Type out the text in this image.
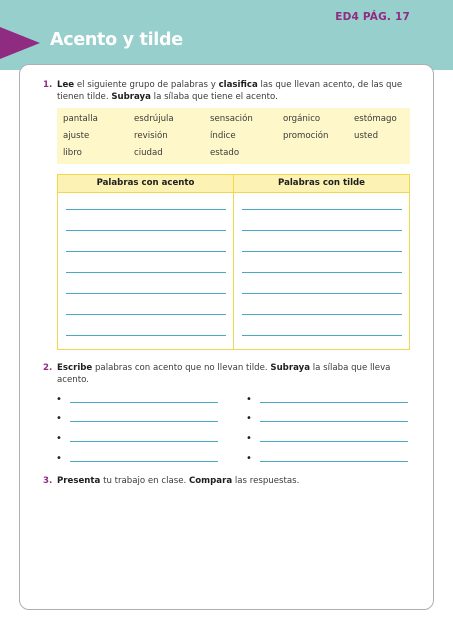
ED4 PÁG. 17
Acento y tilde
1. Lee el siguiente grupo de palabras y clasifica las que llevan acento, de las que tienen tilde. Subraya la sílaba que tiene el acento.
pantalla	esdrújula	sensación	orgánico	estómago
ajuste	revisión	índice	promoción	usted
libro	ciudad	estado
Palabras con acento	Palabras con tilde
2. Escribe palabras con acento que no llevan tilde. Subraya la sílaba que lleva acento.
•	•
•	•
•	•
•	•
3. Presenta tu trabajo en clase. Compara las respuestas.
